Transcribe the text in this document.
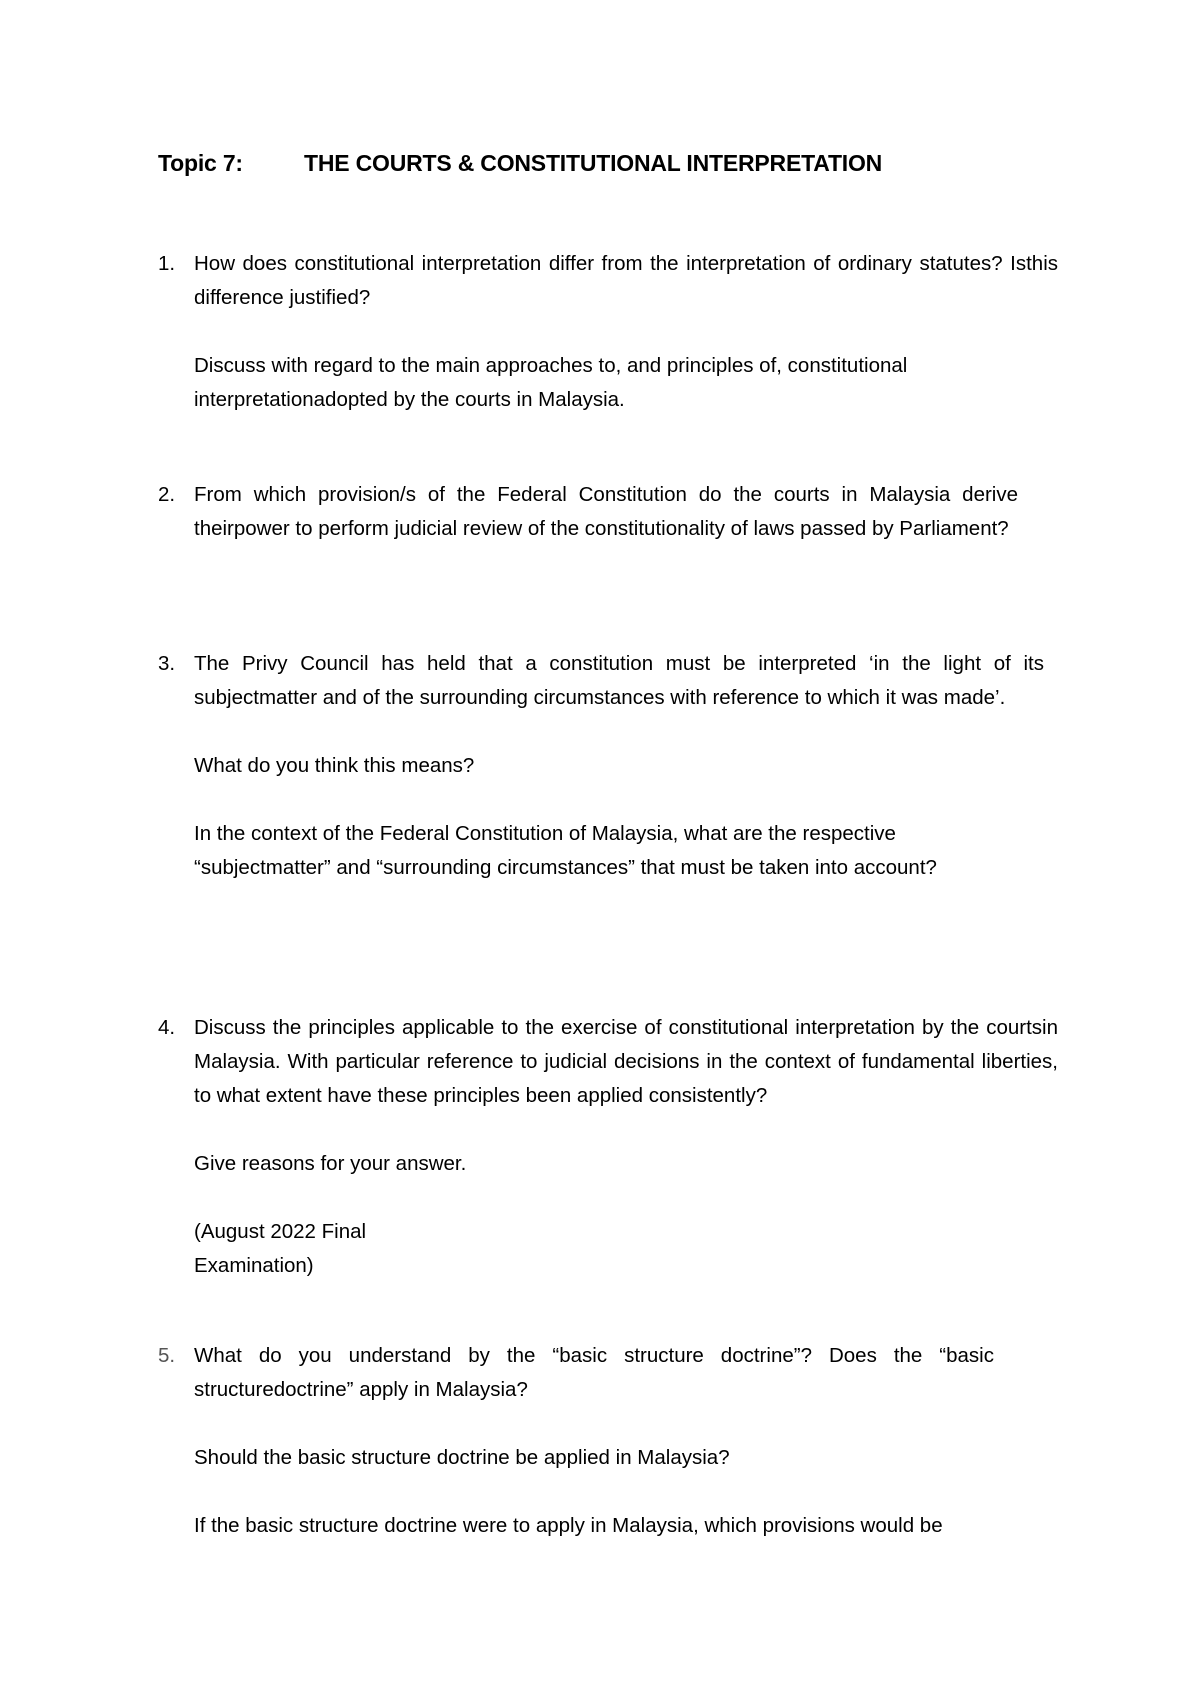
Topic 7:	THE COURTS & CONSTITUTIONAL INTERPRETATION
1. How does constitutional interpretation differ from the interpretation of ordinary statutes? Isthis difference justified?

Discuss with regard to the main approaches to, and principles of, constitutional interpretationadopted by the courts in Malaysia.

2. From which provision/s of the Federal Constitution do the courts in Malaysia derive theirpower to perform judicial review of the constitutionality of laws passed by Parliament?

3. The Privy Council has held that a constitution must be interpreted ‘in the light of its subjectmatter and of the surrounding circumstances with reference to which it was made’.

What do you think this means?

In the context of the Federal Constitution of Malaysia, what are the respective “subjectmatter” and “surrounding circumstances” that must be taken into account?

4. Discuss the principles applicable to the exercise of constitutional interpretation by the courtsin Malaysia. With particular reference to judicial decisions in the context of fundamental liberties, to what extent have these principles been applied consistently?

Give reasons for your answer.

(August 2022 Final Examination)

5. What do you understand by the “basic structure doctrine”? Does the “basic structuredoctrine” apply in Malaysia?

Should the basic structure doctrine be applied in Malaysia?

If the basic structure doctrine were to apply in Malaysia, which provisions would be
